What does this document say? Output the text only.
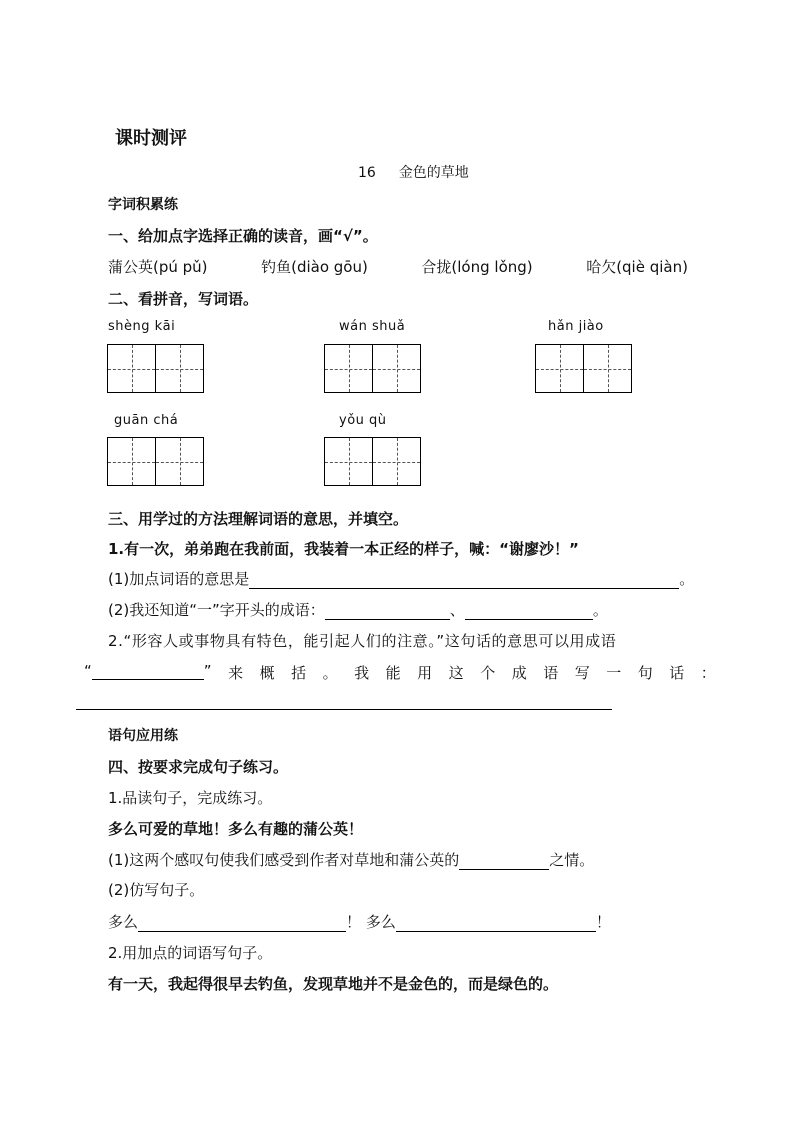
课时测评
16 金色的草地
字词积累练
一、给加点字选择正确的读音，画“√”。
蒲公英(pú pǔ)	钓鱼(diào gōu)	合拢(lóng lǒng)	哈欠(qiè qiàn)
二、看拼音，写词语。
shèng kāi	wán shuǎ	hǎn jiào
guān chá	yǒu qù
三、用学过的方法理解词语的意思，并填空。
1.有一次，弟弟跑在我前面，我装着一本正经的样子，喊：“谢廖沙！”
(1)加点词语的意思是	。
(2)我还知道“一”字开头的成语：	、	。
2.“形容人或事物具有特色，能引起人们的注意。”这句话的意思可以用成语
“	” 来 概 括 。 我 能 用 这 个 成 语 写 一 句 话 ：
语句应用练
四、按要求完成句子练习。
1.品读句子，完成练习。
多么可爱的草地！多么有趣的蒲公英！
(1)这两个感叹句使我们感受到作者对草地和蒲公英的	之情。
(2)仿写句子。
多么	！ 多么	！
2.用加点的词语写句子。
有一天，我起得很早去钓鱼，发现草地并不是金色的，而是绿色的。
